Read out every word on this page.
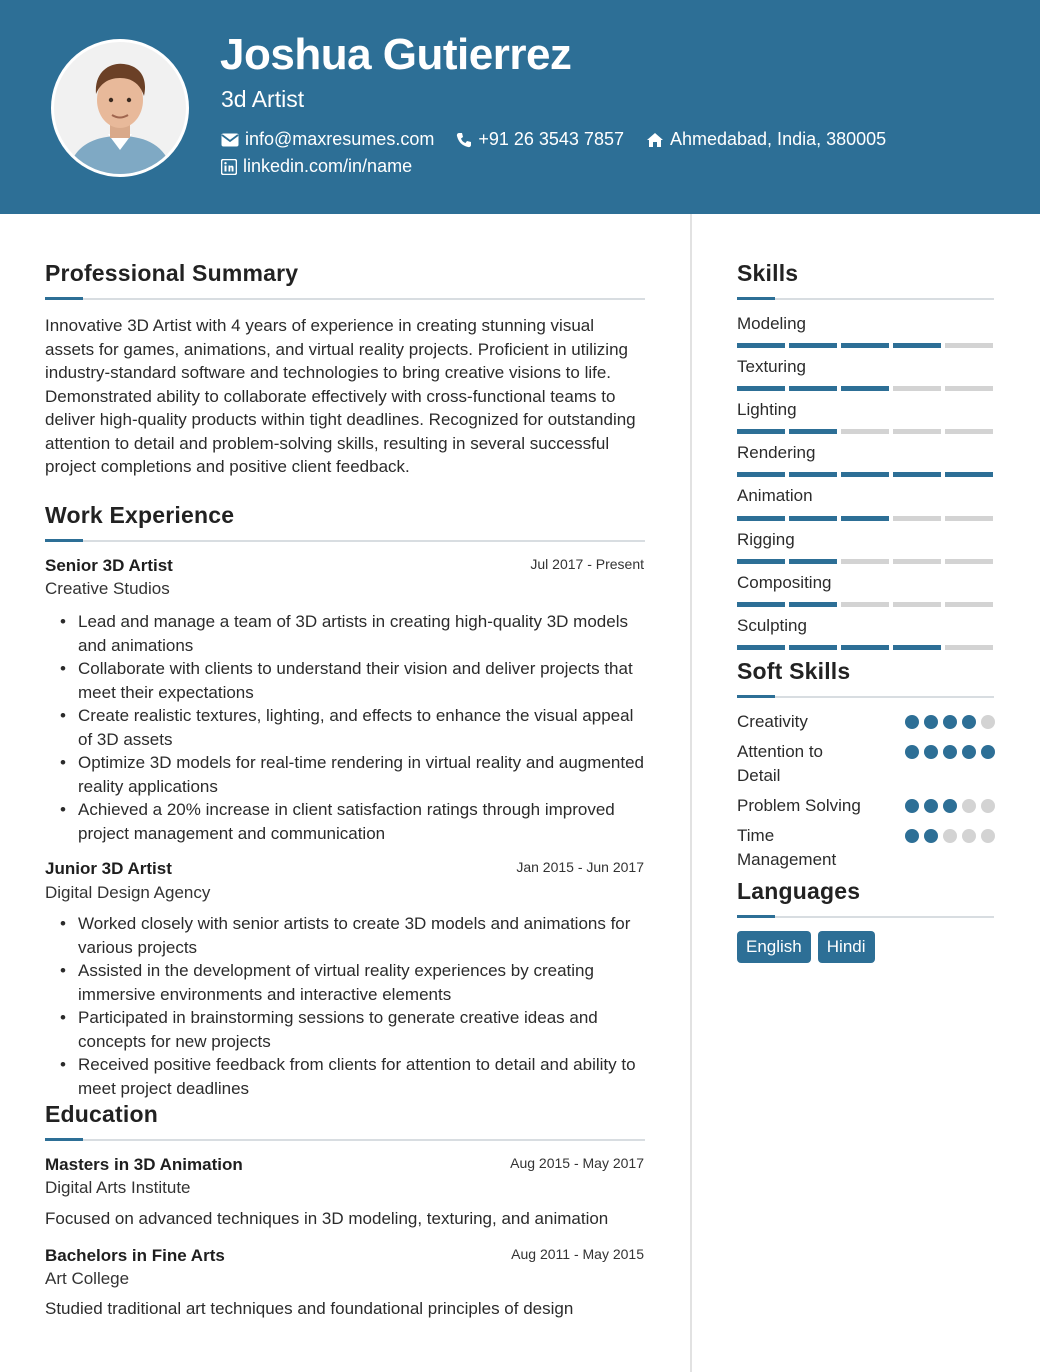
Joshua Gutierrez
3d Artist
info@maxresumes.com +91 26 3543 7857	Ahmedabad, India, 380005
linkedin.com/in/name
Professional Summary
Innovative 3D Artist with 4 years of experience in creating stunning visual assets for games, animations, and virtual reality projects. Proficient in utilizing industry-standard software and technologies to bring creative visions to life. Demonstrated ability to collaborate effectively with cross-functional teams to deliver high-quality products within tight deadlines. Recognized for outstanding attention to detail and problem-solving skills, resulting in several successful project completions and positive client feedback.
Work Experience
Senior 3D Artist	Jul 2017 - Present
Creative Studios
• Lead and manage a team of 3D artists in creating high-quality 3D models and animations
• Collaborate with clients to understand their vision and deliver projects that meet their expectations
• Create realistic textures, lighting, and effects to enhance the visual appeal of 3D assets
• Optimize 3D models for real-time rendering in virtual reality and augmented reality applications
• Achieved a 20% increase in client satisfaction ratings through improved project management and communication
Junior 3D Artist	Jan 2015 - Jun 2017
Digital Design Agency
• Worked closely with senior artists to create 3D models and animations for various projects
• Assisted in the development of virtual reality experiences by creating immersive environments and interactive elements
• Participated in brainstorming sessions to generate creative ideas and concepts for new projects
• Received positive feedback from clients for attention to detail and ability to meet project deadlines
Education
Masters in 3D Animation	Aug 2015 - May 2017
Digital Arts Institute
Focused on advanced techniques in 3D modeling, texturing, and animation
Bachelors in Fine Arts	Aug 2011 - May 2015
Art College
Studied traditional art techniques and foundational principles of design
Skills
Modeling
Texturing
Lighting
Rendering
Animation
Rigging
Compositing
Sculpting
Soft Skills
Creativity
Attention to Detail
Problem Solving
Time Management
Languages
English	Hindi
